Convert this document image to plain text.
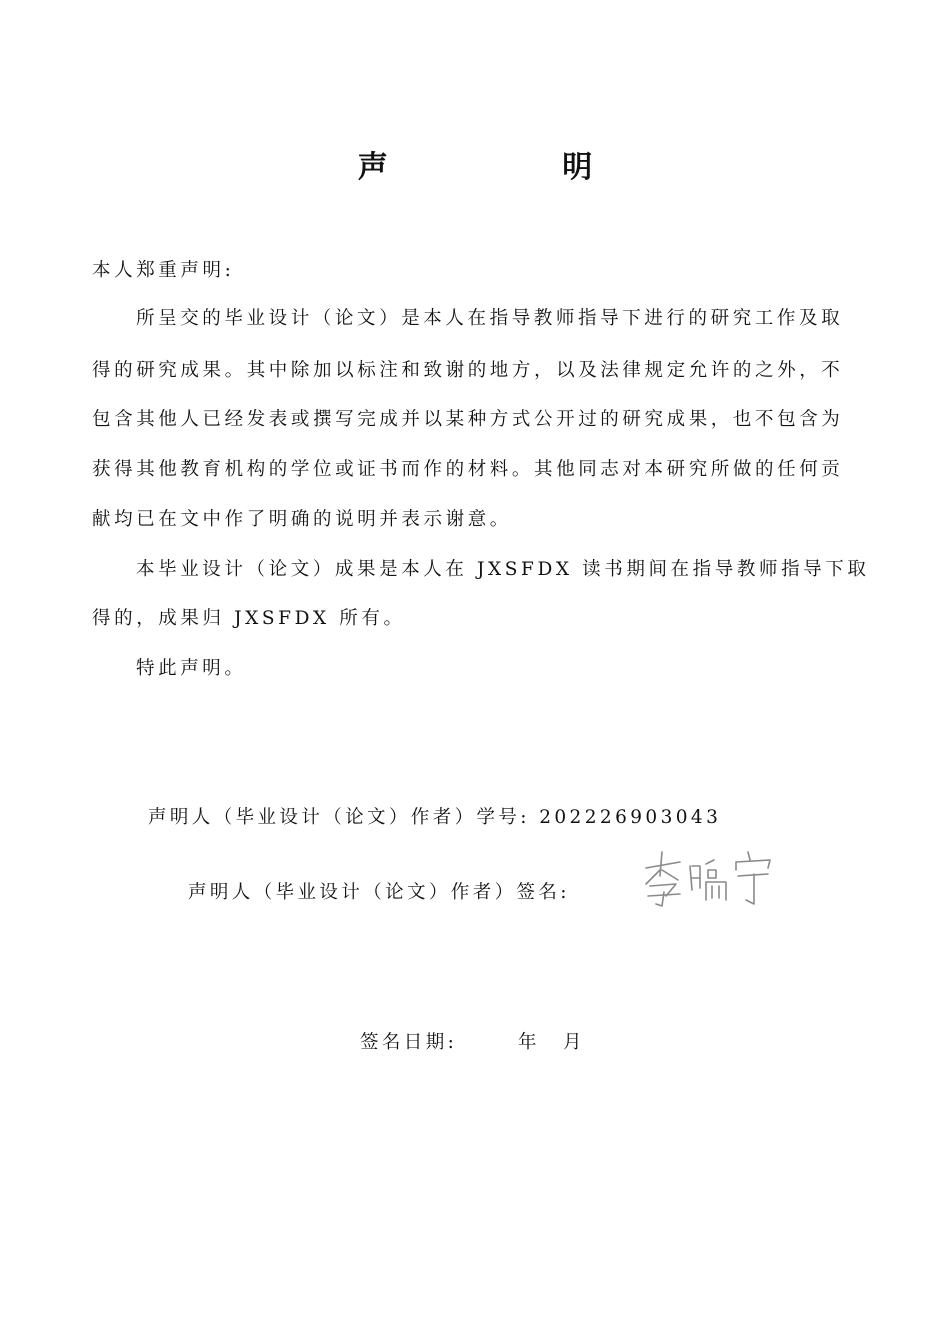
声 明
本人郑重声明:
所呈交的毕业设计（论文）是本人在指导教师指导下进行的研究工作及取
得的研究成果。其中除加以标注和致谢的地方，以及法律规定允许的之外，不
包含其他人已经发表或撰写完成并以某种方式公开过的研究成果，也不包含为
获得其他教育机构的学位或证书而作的材料。其他同志对本研究所做的任何贡
献均已在文中作了明确的说明并表示谢意。
本毕业设计（论文）成果是本人在 JXSFDX 读书期间在指导教师指导下取
得的，成果归 JXSFDX 所有。
特此声明。
声明人（毕业设计（论文）作者）学号: 202226903043
声明人（毕业设计（论文）作者）签名:
签名日期:	年 月
